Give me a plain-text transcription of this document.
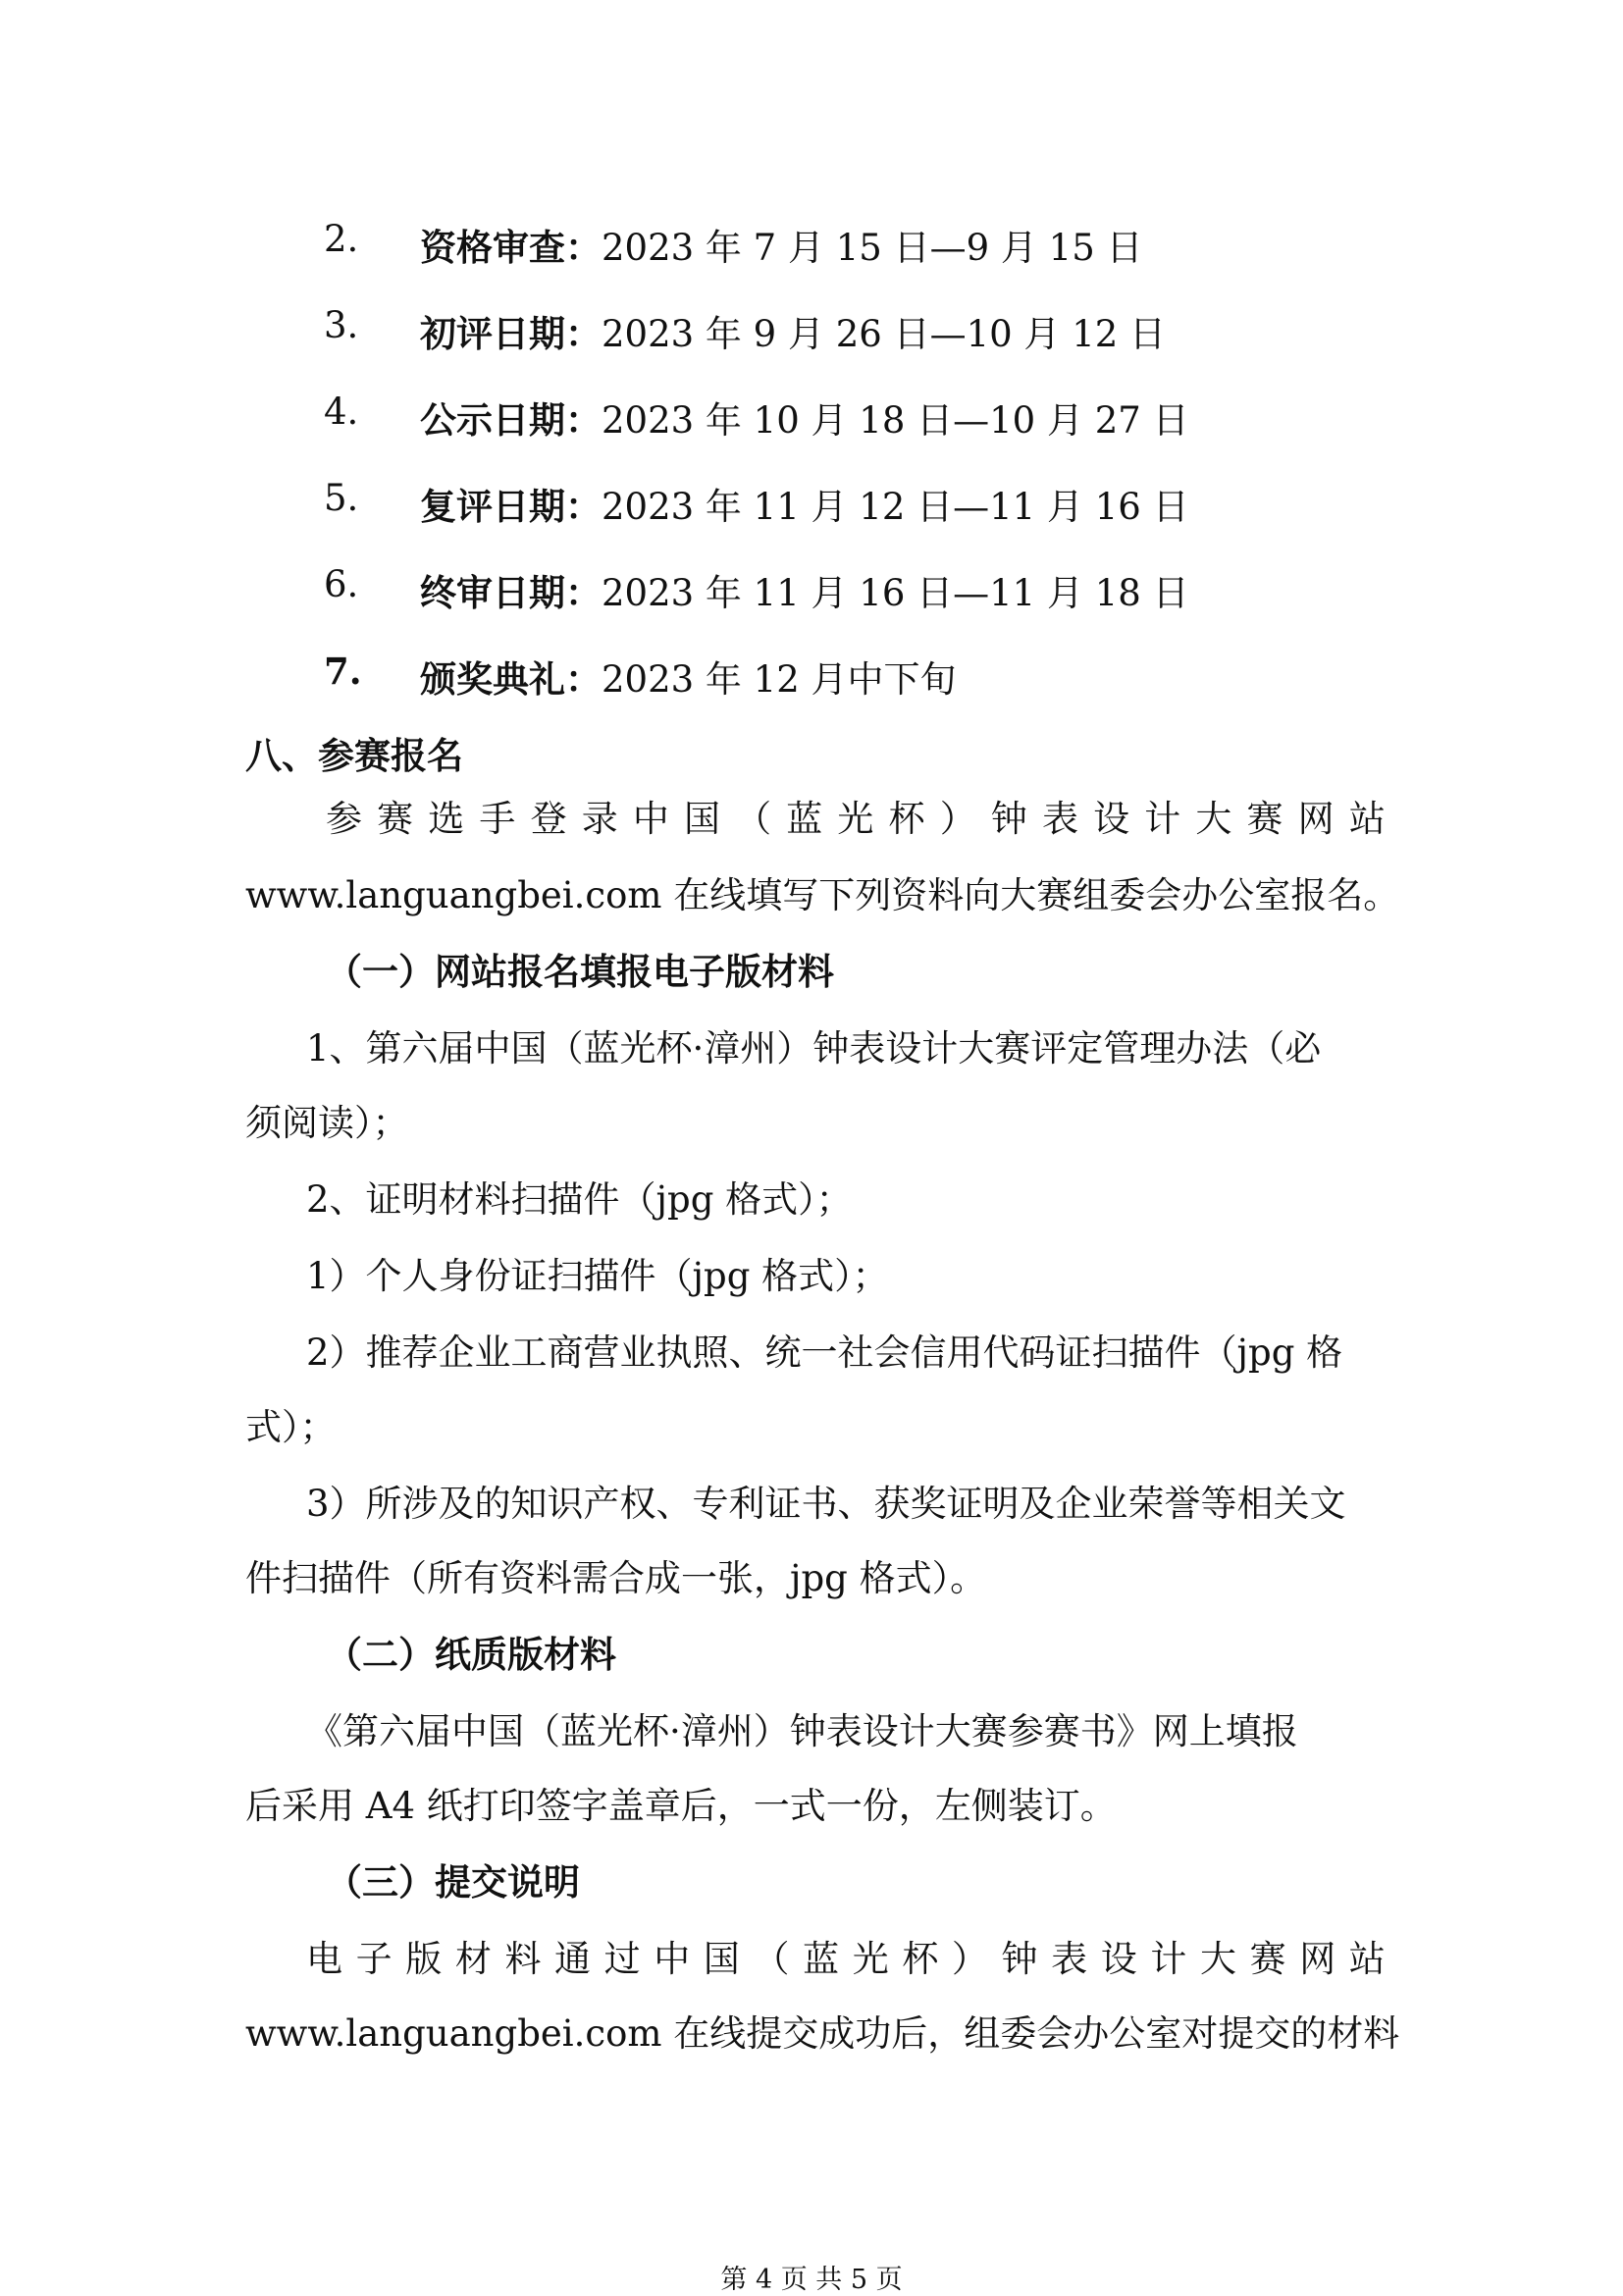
2. 资格审查：2023 年 7 月 15 日—9 月 15 日
3. 初评日期：2023 年 9 月 26 日—10 月 12 日
4. 公示日期：2023 年 10 月 18 日—10 月 27 日
5. 复评日期：2023 年 11 月 12 日—11 月 16 日
6. 终审日期：2023 年 11 月 16 日—11 月 18 日
7. 颁奖典礼：2023 年 12 月中下旬
八、参赛报名
参 赛 选 手 登 录 中 国 （ 蓝 光 杯 ） 钟 表 设 计 大 赛 网 站
www.languangbei.com 在线填写下列资料向大赛组委会办公室报名。
（一）网站报名填报电子版材料
1、第六届中国（蓝光杯·漳州）钟表设计大赛评定管理办法（必
须阅读）；
2、证明材料扫描件（jpg 格式）；
1）个人身份证扫描件（jpg 格式）；
2）推荐企业工商营业执照、统一社会信用代码证扫描件（jpg 格
式）；
3）所涉及的知识产权、专利证书、获奖证明及企业荣誉等相关文
件扫描件（所有资料需合成一张，jpg 格式）。
（二）纸质版材料
《第六届中国（蓝光杯·漳州）钟表设计大赛参赛书》网上填报
后采用 A4 纸打印签字盖章后，一式一份，左侧装订。
（三）提交说明
电 子 版 材 料 通 过 中 国 （ 蓝 光 杯 ） 钟 表 设 计 大 赛 网 站
www.languangbei.com 在线提交成功后，组委会办公室对提交的材料
第 4 页 共 5 页
